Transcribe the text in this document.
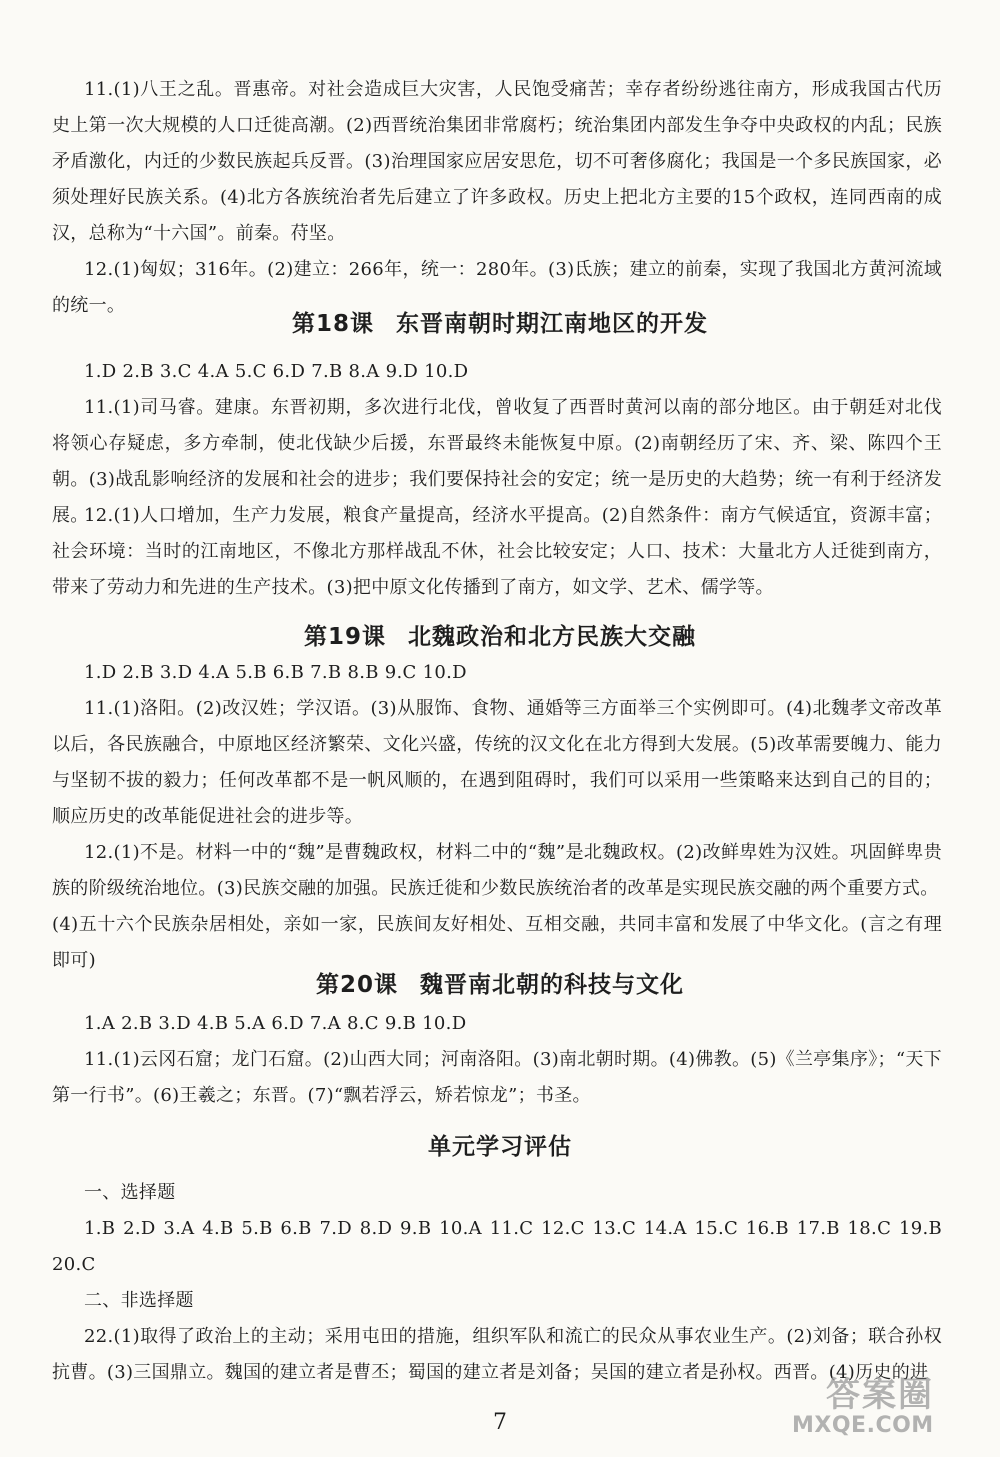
11.(1)八王之乱。晋惠帝。对社会造成巨大灾害，人民饱受痛苦；幸存者纷纷逃往南方，形成我国古代历史上第一次大规模的人口迁徙高潮。(2)西晋统治集团非常腐朽；统治集团内部发生争夺中央政权的内乱；民族矛盾激化，内迁的少数民族起兵反晋。(3)治理国家应居安思危，切不可奢侈腐化；我国是一个多民族国家，必须处理好民族关系。(4)北方各族统治者先后建立了许多政权。历史上把北方主要的15个政权，连同西南的成汉，总称为“十六国”。前秦。苻坚。

12.(1)匈奴；316年。(2)建立：266年，统一：280年。(3)氐族；建立的前秦，实现了我国北方黄河流域的统一。

第18课 东晋南朝时期江南地区的开发

1.D 2.B 3.C 4.A 5.C 6.D 7.B 8.A 9.D 10.D

11.(1)司马睿。建康。东晋初期，多次进行北伐，曾收复了西晋时黄河以南的部分地区。由于朝廷对北伐将领心存疑虑，多方牵制，使北伐缺少后援，东晋最终未能恢复中原。(2)南朝经历了宋、齐、梁、陈四个王朝。(3)战乱影响经济的发展和社会的进步；我们要保持社会的安定；统一是历史的大趋势；统一有利于经济发展。

12.(1)人口增加，生产力发展，粮食产量提高，经济水平提高。(2)自然条件：南方气候适宜，资源丰富；社会环境：当时的江南地区，不像北方那样战乱不休，社会比较安定；人口、技术：大量北方人迁徙到南方，带来了劳动力和先进的生产技术。(3)把中原文化传播到了南方，如文学、艺术、儒学等。

第19课 北魏政治和北方民族大交融

1.D 2.B 3.D 4.A 5.B 6.B 7.B 8.B 9.C 10.D

11.(1)洛阳。(2)改汉姓；学汉语。(3)从服饰、食物、通婚等三方面举三个实例即可。(4)北魏孝文帝改革以后，各民族融合，中原地区经济繁荣、文化兴盛，传统的汉文化在北方得到大发展。(5)改革需要魄力、能力与坚韧不拔的毅力；任何改革都不是一帆风顺的，在遇到阻碍时，我们可以采用一些策略来达到自己的目的；顺应历史的改革能促进社会的进步等。

12.(1)不是。材料一中的“魏”是曹魏政权，材料二中的“魏”是北魏政权。(2)改鲜卑姓为汉姓。巩固鲜卑贵族的阶级统治地位。(3)民族交融的加强。民族迁徙和少数民族统治者的改革是实现民族交融的两个重要方式。

(4)五十六个民族杂居相处，亲如一家，民族间友好相处、互相交融，共同丰富和发展了中华文化。(言之有理即可)

第20课 魏晋南北朝的科技与文化

1.A 2.B 3.D 4.B 5.A 6.D 7.A 8.C 9.B 10.D

11.(1)云冈石窟；龙门石窟。(2)山西大同；河南洛阳。(3)南北朝时期。(4)佛教。(5)《兰亭集序》；“天下第一行书”。(6)王羲之；东晋。(7)“飘若浮云，矫若惊龙”；书圣。

单元学习评估

一、选择题

1.B 2.D 3.A 4.B 5.B 6.B 7.D 8.D 9.B 10.A 11.C 12.C 13.C 14.A 15.C 16.B 17.B 18.C 19.B 20.C

二、非选择题

22.(1)取得了政治上的主动；采用屯田的措施，组织军队和流亡的民众从事农业生产。(2)刘备；联合孙权抗曹。(3)三国鼎立。魏国的建立者是曹丕；蜀国的建立者是刘备；吴国的建立者是孙权。西晋。(4)历史的进

7

答案圈
MXQE.COM
